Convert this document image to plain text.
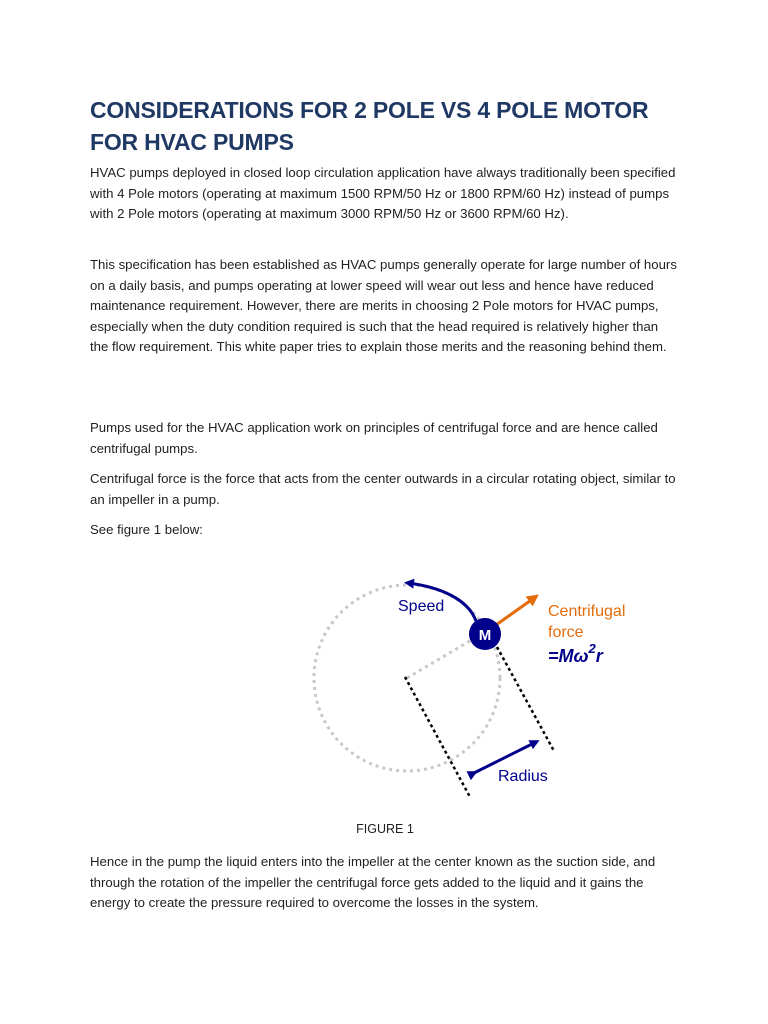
CONSIDERATIONS FOR 2 POLE VS 4 POLE MOTOR FOR HVAC PUMPS

HVAC pumps deployed in closed loop circulation application have always traditionally been specified with 4 Pole motors (operating at maximum 1500 RPM/50 Hz or 1800 RPM/60 Hz) instead of pumps with 2 Pole motors (operating at maximum 3000 RPM/50 Hz or 3600 RPM/60 Hz).

This specification has been established as HVAC pumps generally operate for large number of hours on a daily basis, and pumps operating at lower speed will wear out less and hence have reduced maintenance requirement. However, there are merits in choosing 2 Pole motors for HVAC pumps, especially when the duty condition required is such that the head required is relatively higher than the flow requirement. This white paper tries to explain those merits and the reasoning behind them.

Pumps used for the HVAC application work on principles of centrifugal force and are hence called centrifugal pumps.

Centrifugal force is the force that acts from the center outwards in a circular rotating object, similar to an impeller in a pump.

See figure 1 below:

M
Speed	Centrifugal
force
$=M\omega^2r$
Radius

FIGURE 1

Hence in the pump the liquid enters into the impeller at the center known as the suction side, and through the rotation of the impeller the centrifugal force gets added to the liquid and it gains the energy to create the pressure required to overcome the losses in the system.
